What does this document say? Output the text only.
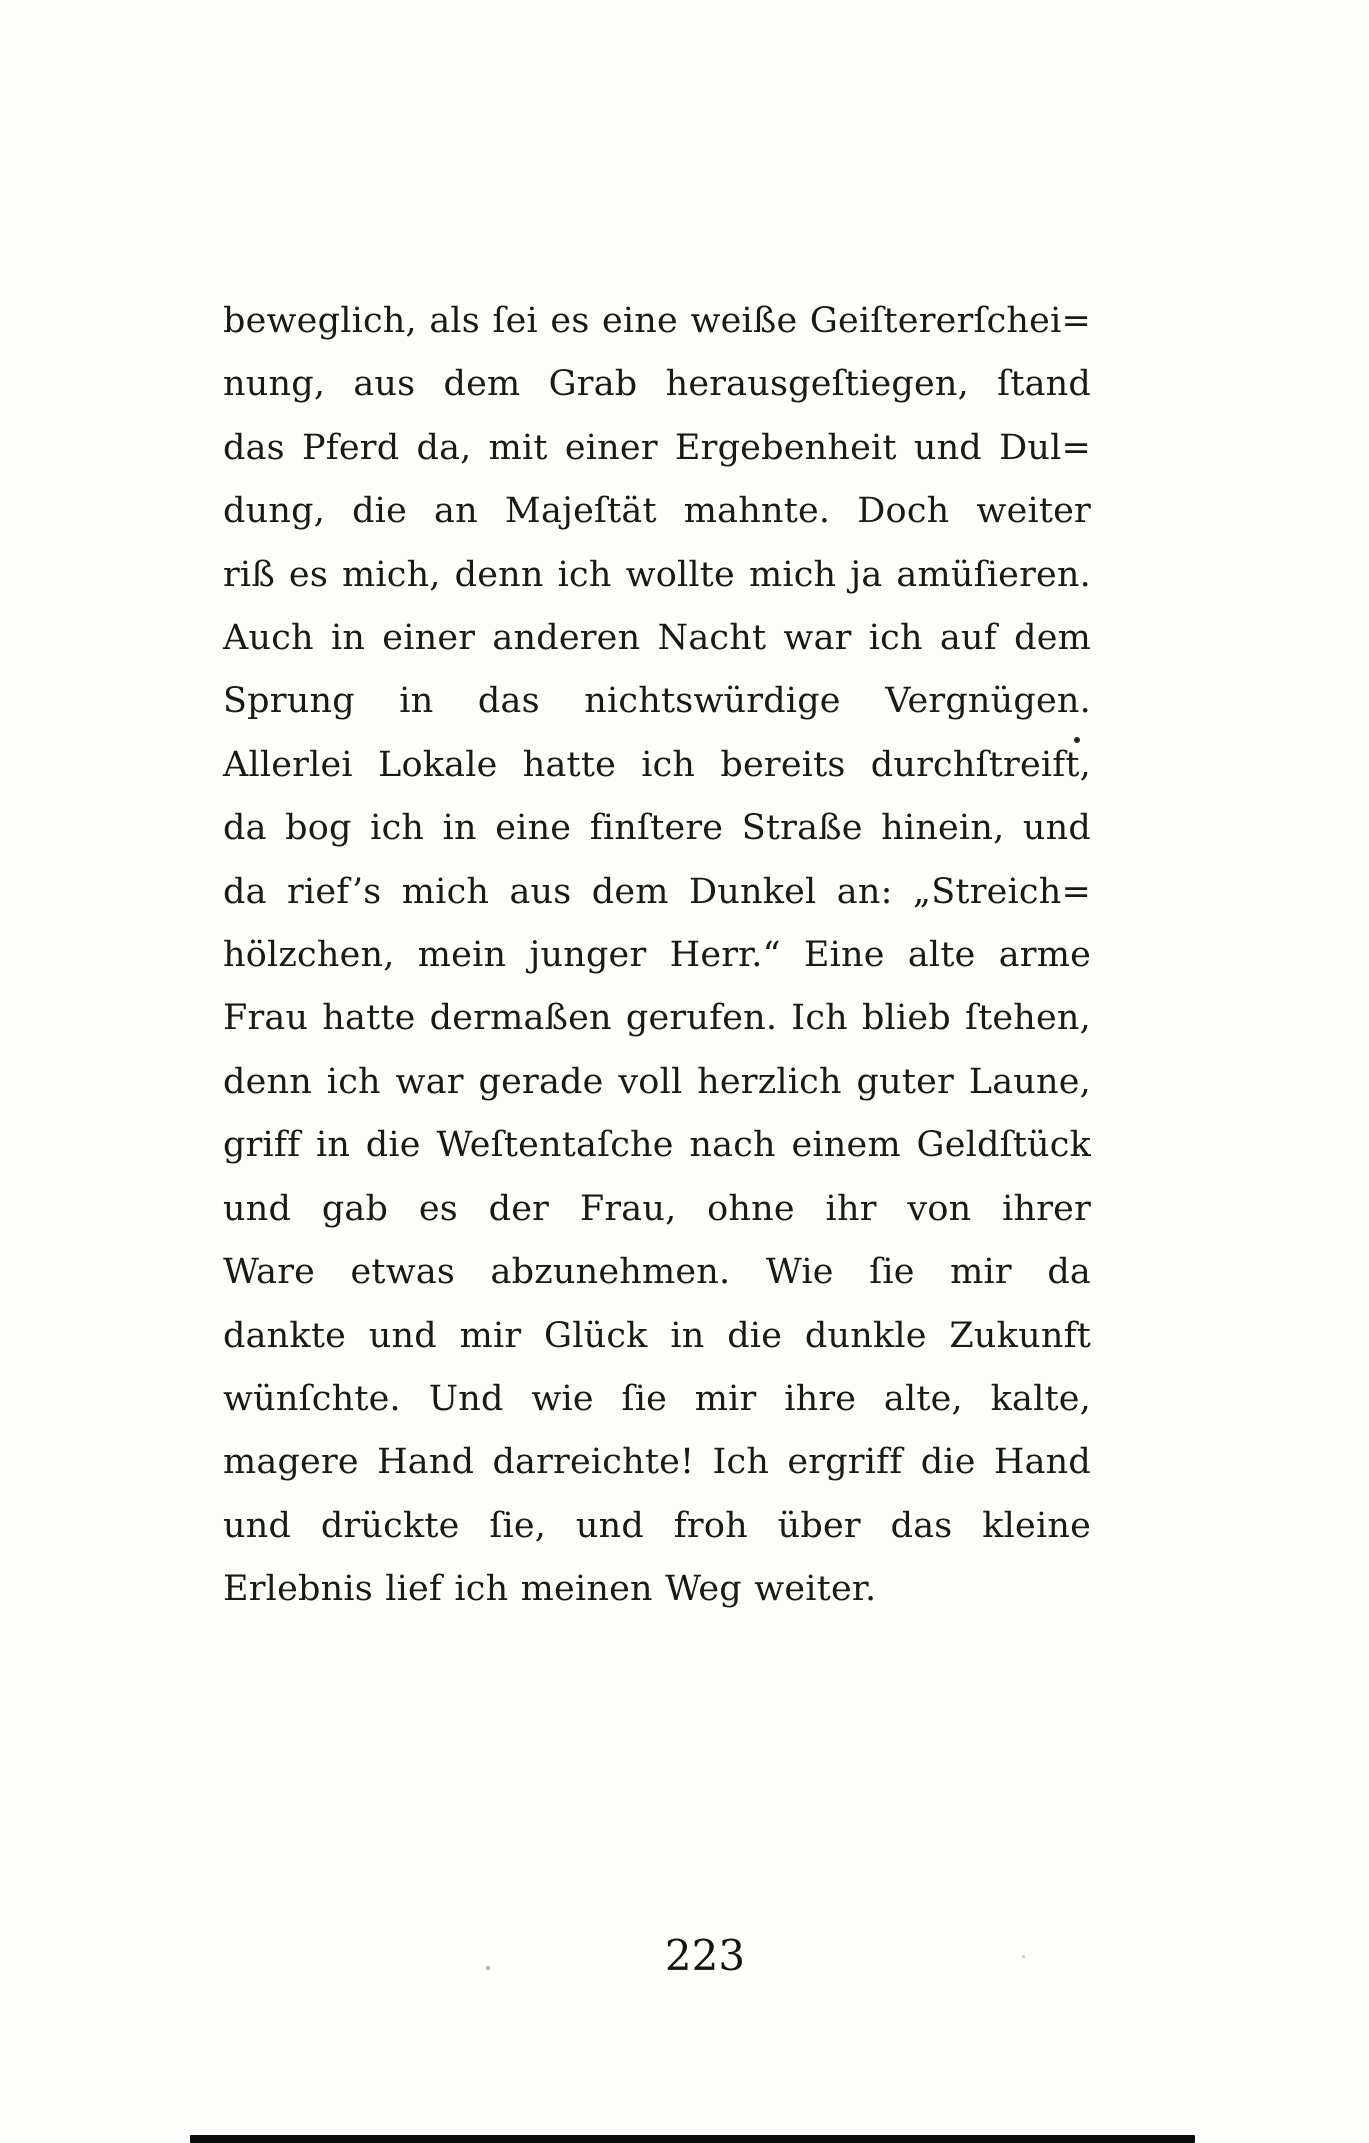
beweglich, als ſei es eine weiße Geiſtererſchei=

nung, aus dem Grab herausgeſtiegen, ſtand

das Pferd da, mit einer Ergebenheit und Dul=

dung, die an Majeſtät mahnte. Doch weiter

riß es mich, denn ich wollte mich ja amüſieren.

Auch in einer anderen Nacht war ich auf dem

Sprung in das nichtswürdige Vergnügen.

Allerlei Lokale hatte ich bereits durchſtreift,

da bog ich in eine finſtere Straße hinein, und

da rief’s mich aus dem Dunkel an: „Streich=

hölzchen, mein junger Herr.“ Eine alte arme

Frau hatte dermaßen gerufen. Ich blieb ſtehen,

denn ich war gerade voll herzlich guter Laune,

griff in die Weſtentaſche nach einem Geldſtück

und gab es der Frau, ohne ihr von ihrer

Ware etwas abzunehmen. Wie ſie mir da

dankte und mir Glück in die dunkle Zukunft

wünſchte. Und wie ſie mir ihre alte, kalte,

magere Hand darreichte! Ich ergriff die Hand

und drückte ſie, und froh über das kleine

Erlebnis lief ich meinen Weg weiter.

223
